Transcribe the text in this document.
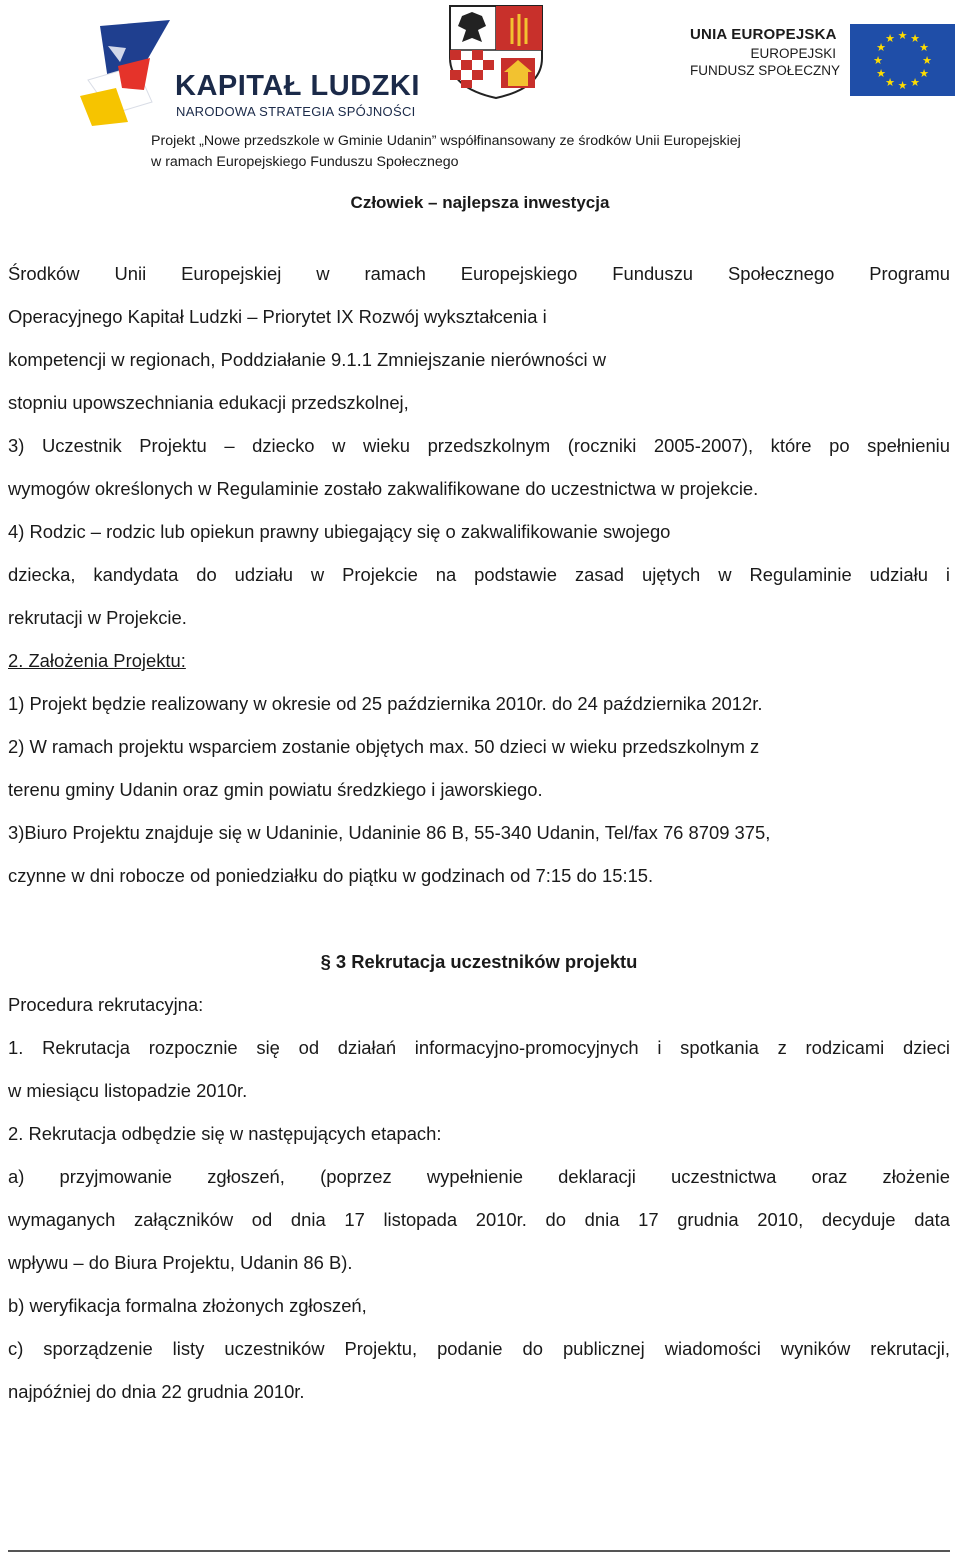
KAPITAŁ LUDZKI
NARODOWA STRATEGIA SPÓJNOŚCI
UNIA EUROPEJSKA
EUROPEJSKI
FUNDUSZ SPOŁECZNY
★ ★
★
★
★
★
★
★
★
★
★
★
Projekt „Nowe przedszkole w Gminie Udanin” współfinansowany ze środków Unii Europejskiej
w ramach Europejskiego Funduszu Społecznego
Człowiek – najlepsza inwestycja

Środków Unii Europejskiej w ramach Europejskiego Funduszu Społecznego Programu

Operacyjnego Kapitał Ludzki – Priorytet IX Rozwój wykształcenia i

kompetencji w regionach, Poddziałanie 9.1.1 Zmniejszanie nierówności w

stopniu upowszechniania edukacji przedszkolnej,

3) Uczestnik Projektu – dziecko w wieku przedszkolnym (roczniki 2005-2007), które po spełnieniu

wymogów określonych w Regulaminie zostało zakwalifikowane do uczestnictwa w projekcie.

4) Rodzic – rodzic lub opiekun prawny ubiegający się o zakwalifikowanie swojego

dziecka, kandydata do udziału w Projekcie na podstawie zasad ujętych w Regulaminie udziału i

rekrutacji w Projekcie.

2. Założenia Projektu:

1) Projekt będzie realizowany w okresie od 25 października 2010r. do 24 października 2012r.

2) W ramach projektu wsparciem zostanie objętych max. 50 dzieci w wieku przedszkolnym z

terenu gminy Udanin oraz gmin powiatu średzkiego i jaworskiego.

3)Biuro Projektu znajduje się w Udaninie, Udaninie 86 B, 55-340 Udanin, Tel/fax 76 8709 375,

czynne w dni robocze od poniedziałku do piątku w godzinach od 7:15 do 15:15.

§ 3 Rekrutacja uczestników projektu

Procedura rekrutacyjna:

1. Rekrutacja rozpocznie się od działań informacyjno-promocyjnych i spotkania z rodzicami dzieci

w miesiącu listopadzie 2010r.

2. Rekrutacja odbędzie się w następujących etapach:

a) przyjmowanie zgłoszeń, (poprzez wypełnienie deklaracji uczestnictwa oraz złożenie

wymaganych załączników od dnia 17 listopada 2010r. do dnia 17 grudnia 2010, decyduje data

wpływu – do Biura Projektu, Udanin 86 B).

b) weryfikacja formalna złożonych zgłoszeń,

c) sporządzenie listy uczestników Projektu, podanie do publicznej wiadomości wyników rekrutacji,

najpóźniej do dnia 22 grudnia 2010r.
